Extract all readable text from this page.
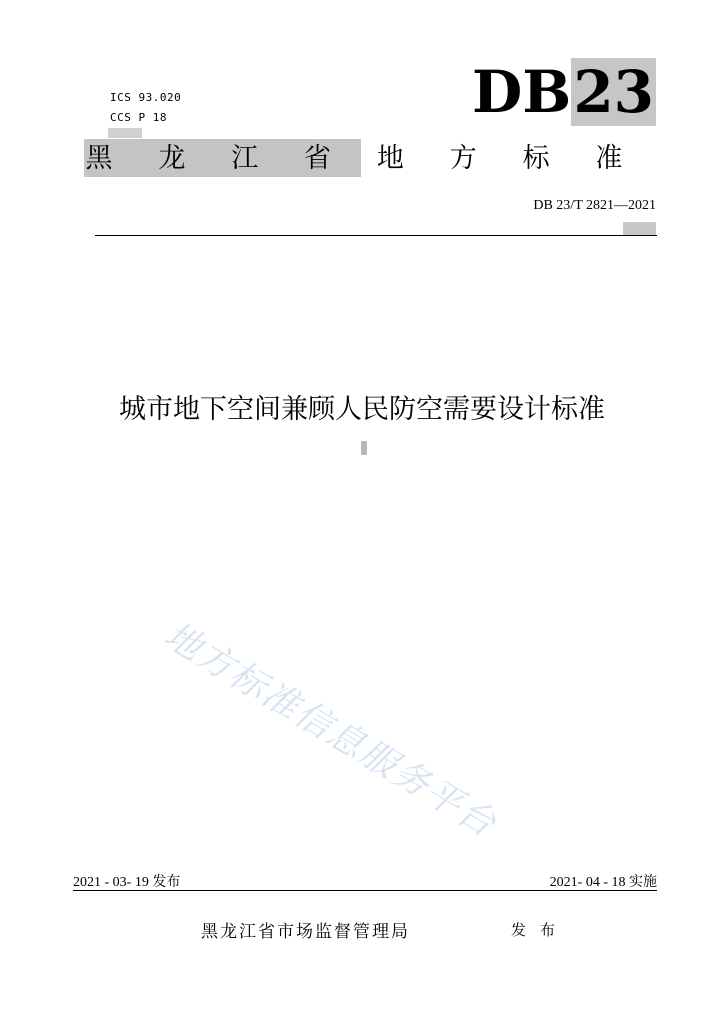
ICS 93.020
CCS P 18	DB23
黑 龙 江 省 地 方 标 准
DB 23/T 2821—2021
城市地下空间兼顾人民防空需要设计标准
地方标准信息服务平台
2021 - 03- 19 发布	2021- 04 - 18 实施
黑龙江省市场监督管理局	发布
